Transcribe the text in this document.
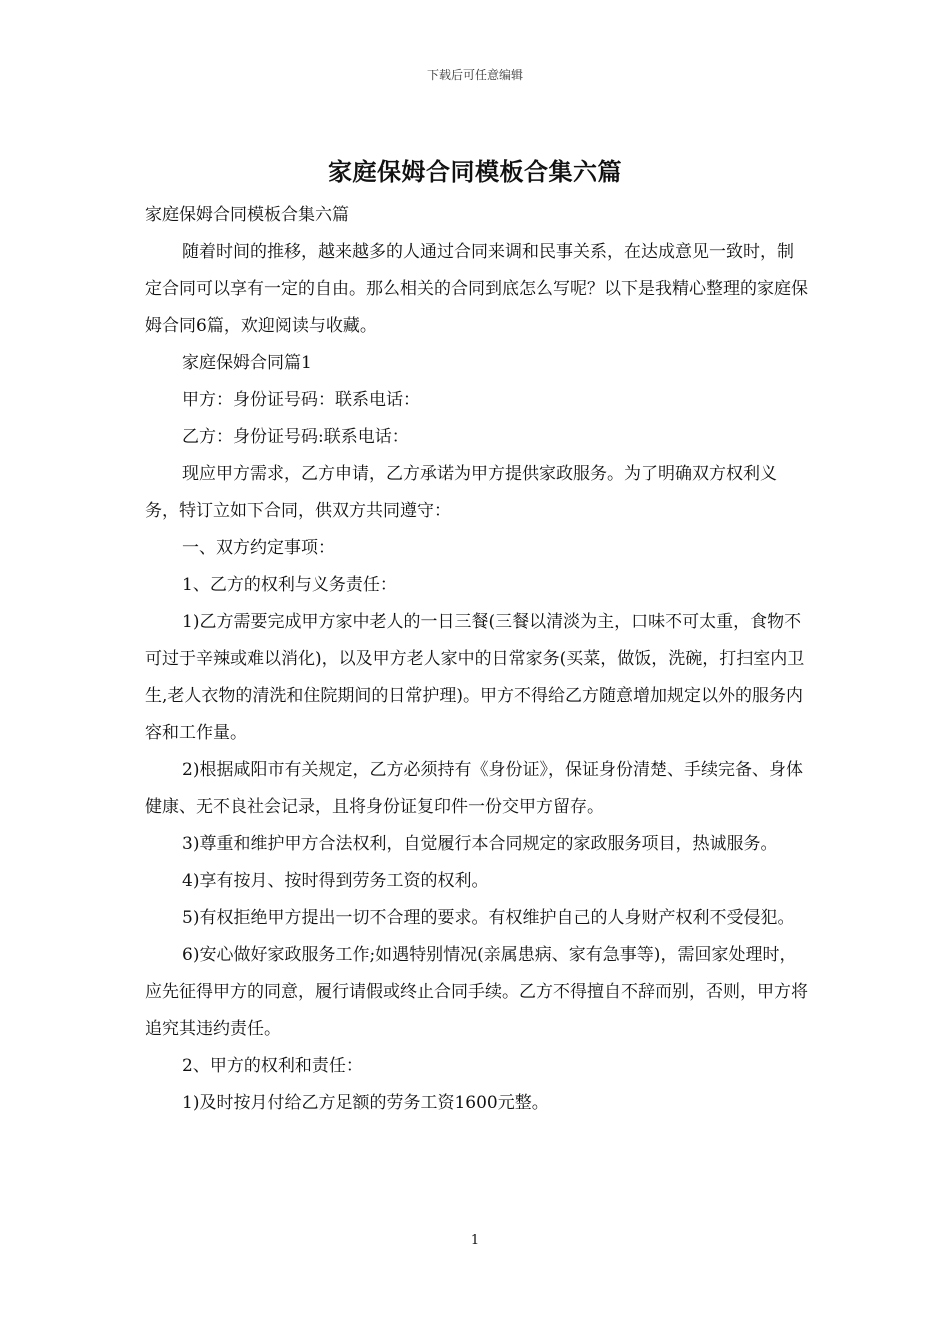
下载后可任意编辑
家庭保姆合同模板合集六篇

家庭保姆合同模板合集六篇

随着时间的推移，越来越多的人通过合同来调和民事关系，在达成意见一致时，制定合同可以享有一定的自由。那么相关的合同到底怎么写呢？以下是我精心整理的家庭保姆合同6篇，欢迎阅读与收藏。

家庭保姆合同篇1

甲方：身份证号码：联系电话：

乙方：身份证号码:联系电话：

现应甲方需求，乙方申请，乙方承诺为甲方提供家政服务。为了明确双方权利义务，特订立如下合同，供双方共同遵守：

一、双方约定事项：

1、乙方的权利与义务责任：

1)乙方需要完成甲方家中老人的一日三餐(三餐以清淡为主，口味不可太重，食物不可过于辛辣或难以消化)，以及甲方老人家中的日常家务(买菜，做饭，洗碗，打扫室内卫生,老人衣物的清洗和住院期间的日常护理)。甲方不得给乙方随意增加规定以外的服务内容和工作量。

2)根据咸阳市有关规定，乙方必须持有《身份证》，保证身份清楚、手续完备、身体健康、无不良社会记录，且将身份证复印件一份交甲方留存。

3)尊重和维护甲方合法权利，自觉履行本合同规定的家政服务项目，热诚服务。

4)享有按月、按时得到劳务工资的权利。

5)有权拒绝甲方提出一切不合理的要求。有权维护自己的人身财产权利不受侵犯。

6)安心做好家政服务工作;如遇特别情况(亲属患病、家有急事等)，需回家处理时，应先征得甲方的同意，履行请假或终止合同手续。乙方不得擅自不辞而别，否则，甲方将追究其违约责任。

2、甲方的权利和责任：

1)及时按月付给乙方足额的劳务工资1600元整。

1
